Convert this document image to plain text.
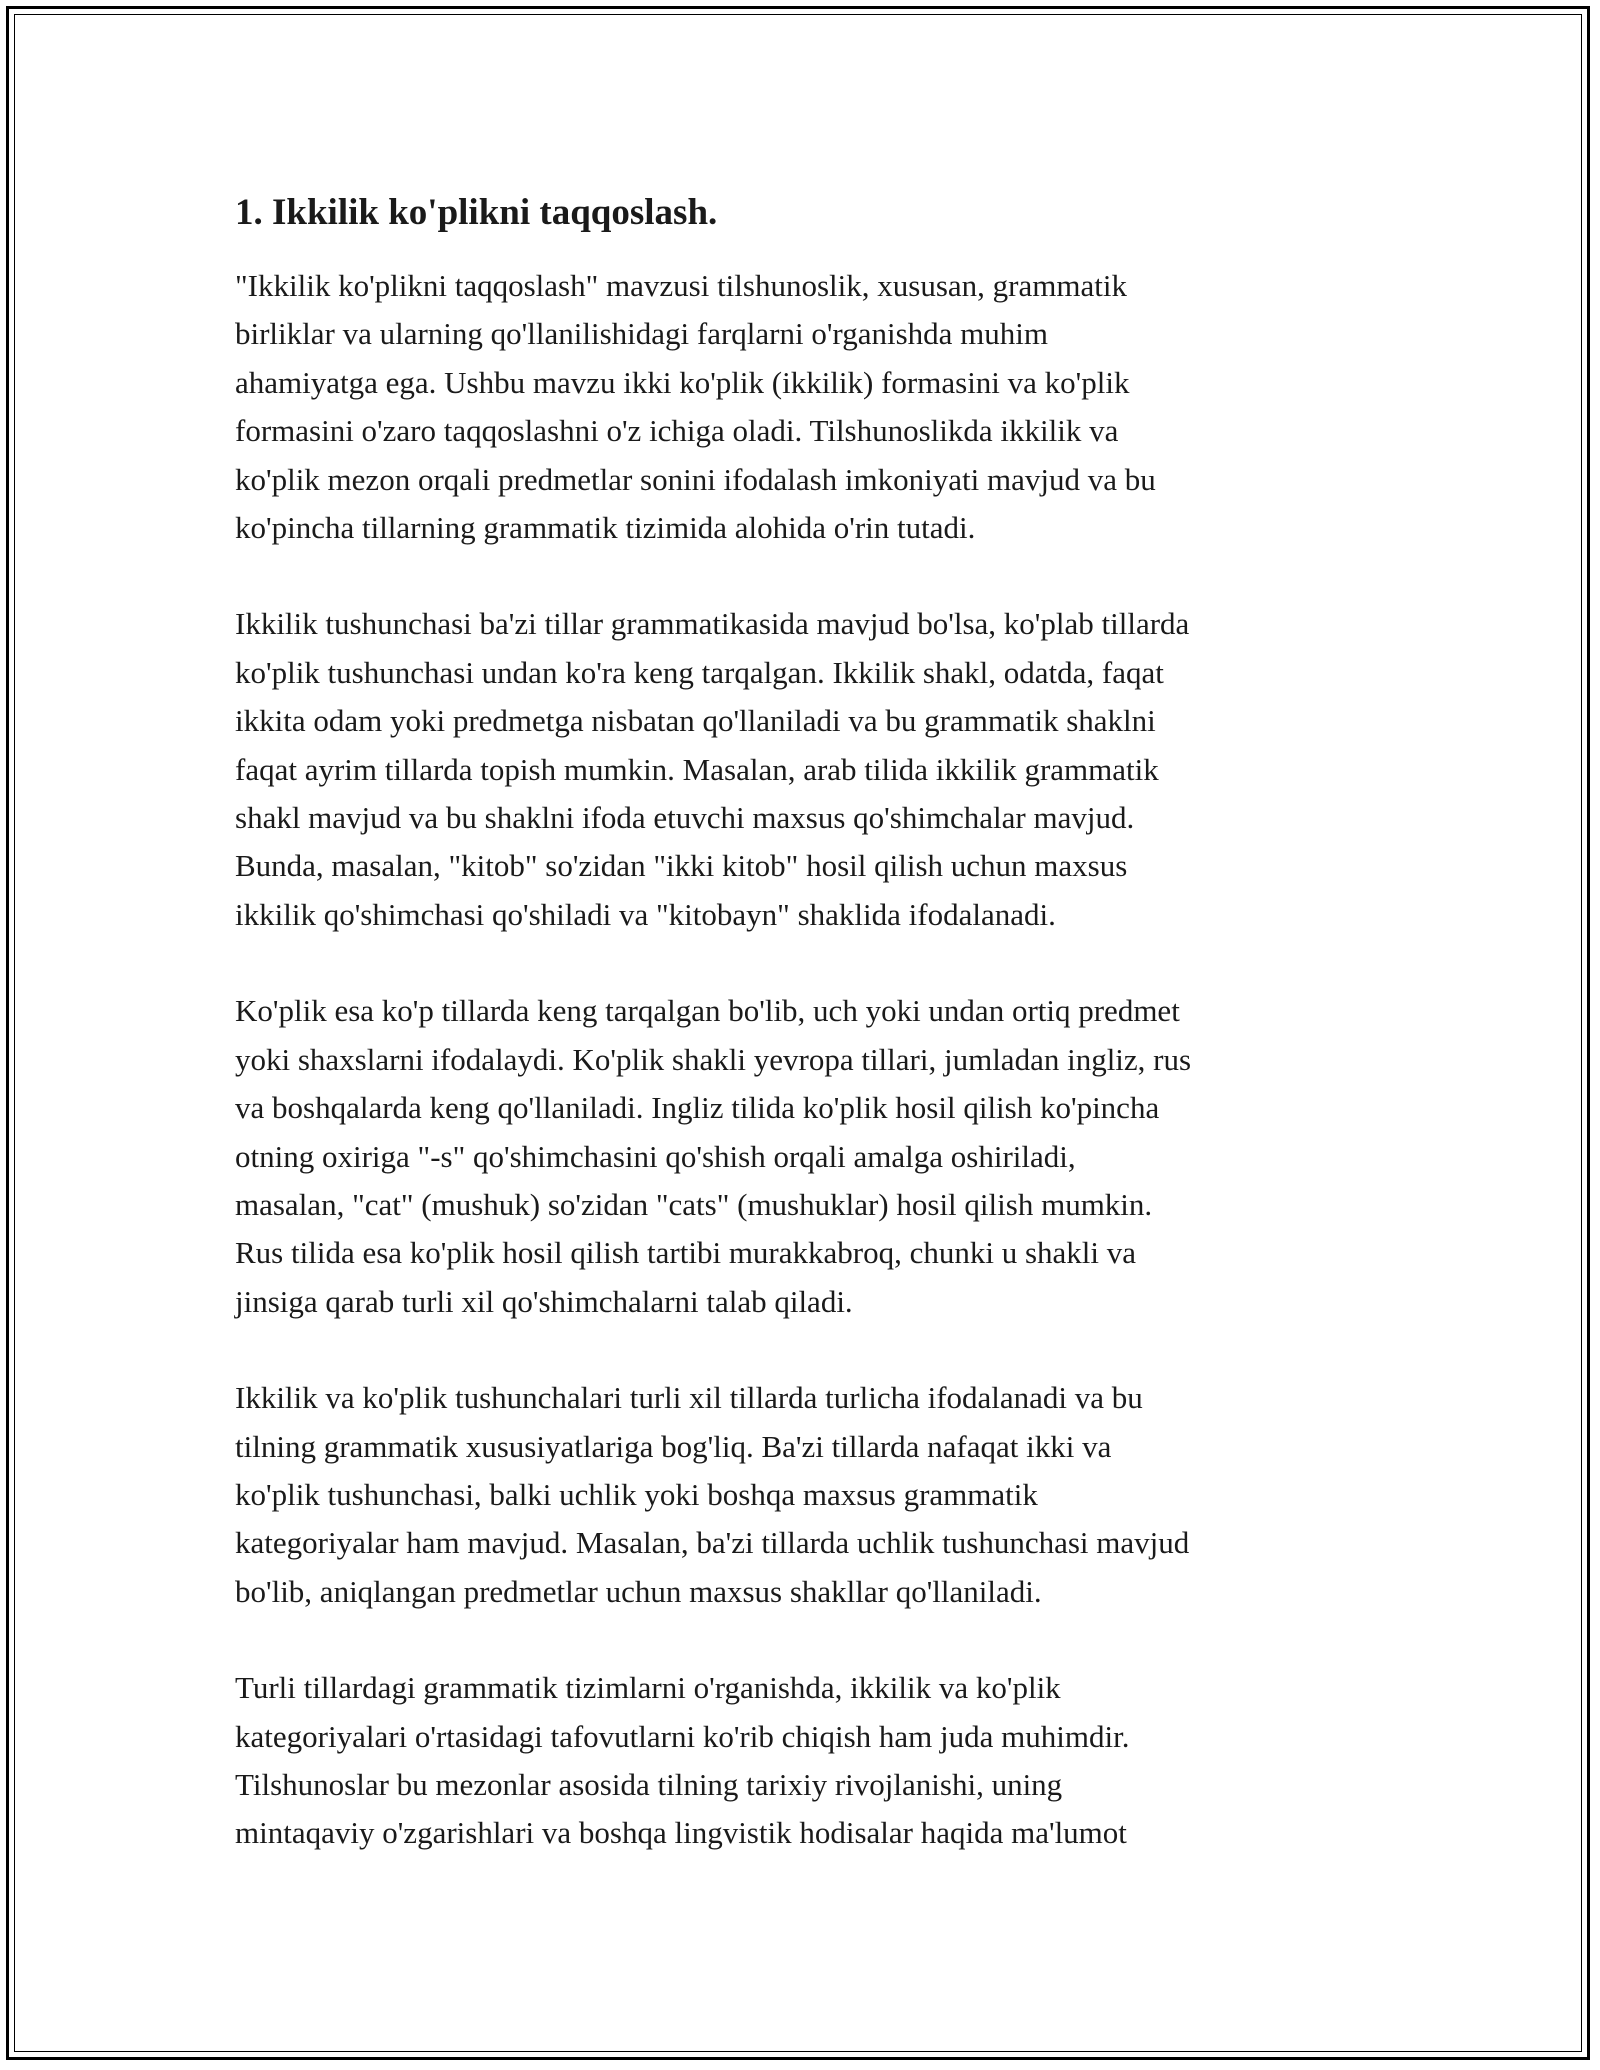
1. Ikkilik ko'plikni taqqoslash.

"Ikkilik ko'plikni taqqoslash" mavzusi tilshunoslik, xususan, grammatik
birliklar va ularning qo'llanilishidagi farqlarni o'rganishda muhim
ahamiyatga ega. Ushbu mavzu ikki ko'plik (ikkilik) formasini va ko'plik
formasini o'zaro taqqoslashni o'z ichiga oladi. Tilshunoslikda ikkilik va
ko'plik mezon orqali predmetlar sonini ifodalash imkoniyati mavjud va bu
ko'pincha tillarning grammatik tizimida alohida o'rin tutadi.

Ikkilik tushunchasi ba'zi tillar grammatikasida mavjud bo'lsa, ko'plab tillarda
ko'plik tushunchasi undan ko'ra keng tarqalgan. Ikkilik shakl, odatda, faqat
ikkita odam yoki predmetga nisbatan qo'llaniladi va bu grammatik shaklni
faqat ayrim tillarda topish mumkin. Masalan, arab tilida ikkilik grammatik
shakl mavjud va bu shaklni ifoda etuvchi maxsus qo'shimchalar mavjud.
Bunda, masalan, "kitob" so'zidan "ikki kitob" hosil qilish uchun maxsus
ikkilik qo'shimchasi qo'shiladi va "kitobayn" shaklida ifodalanadi.

Ko'plik esa ko'p tillarda keng tarqalgan bo'lib, uch yoki undan ortiq predmet
yoki shaxslarni ifodalaydi. Ko'plik shakli yevropa tillari, jumladan ingliz, rus
va boshqalarda keng qo'llaniladi. Ingliz tilida ko'plik hosil qilish ko'pincha
otning oxiriga "-s" qo'shimchasini qo'shish orqali amalga oshiriladi,
masalan, "cat" (mushuk) so'zidan "cats" (mushuklar) hosil qilish mumkin.
Rus tilida esa ko'plik hosil qilish tartibi murakkabroq, chunki u shakli va
jinsiga qarab turli xil qo'shimchalarni talab qiladi.

Ikkilik va ko'plik tushunchalari turli xil tillarda turlicha ifodalanadi va bu
tilning grammatik xususiyatlariga bog'liq. Ba'zi tillarda nafaqat ikki va
ko'plik tushunchasi, balki uchlik yoki boshqa maxsus grammatik
kategoriyalar ham mavjud. Masalan, ba'zi tillarda uchlik tushunchasi mavjud
bo'lib, aniqlangan predmetlar uchun maxsus shakllar qo'llaniladi.

Turli tillardagi grammatik tizimlarni o'rganishda, ikkilik va ko'plik
kategoriyalari o'rtasidagi tafovutlarni ko'rib chiqish ham juda muhimdir.
Tilshunoslar bu mezonlar asosida tilning tarixiy rivojlanishi, uning
mintaqaviy o'zgarishlari va boshqa lingvistik hodisalar haqida ma'lumot
